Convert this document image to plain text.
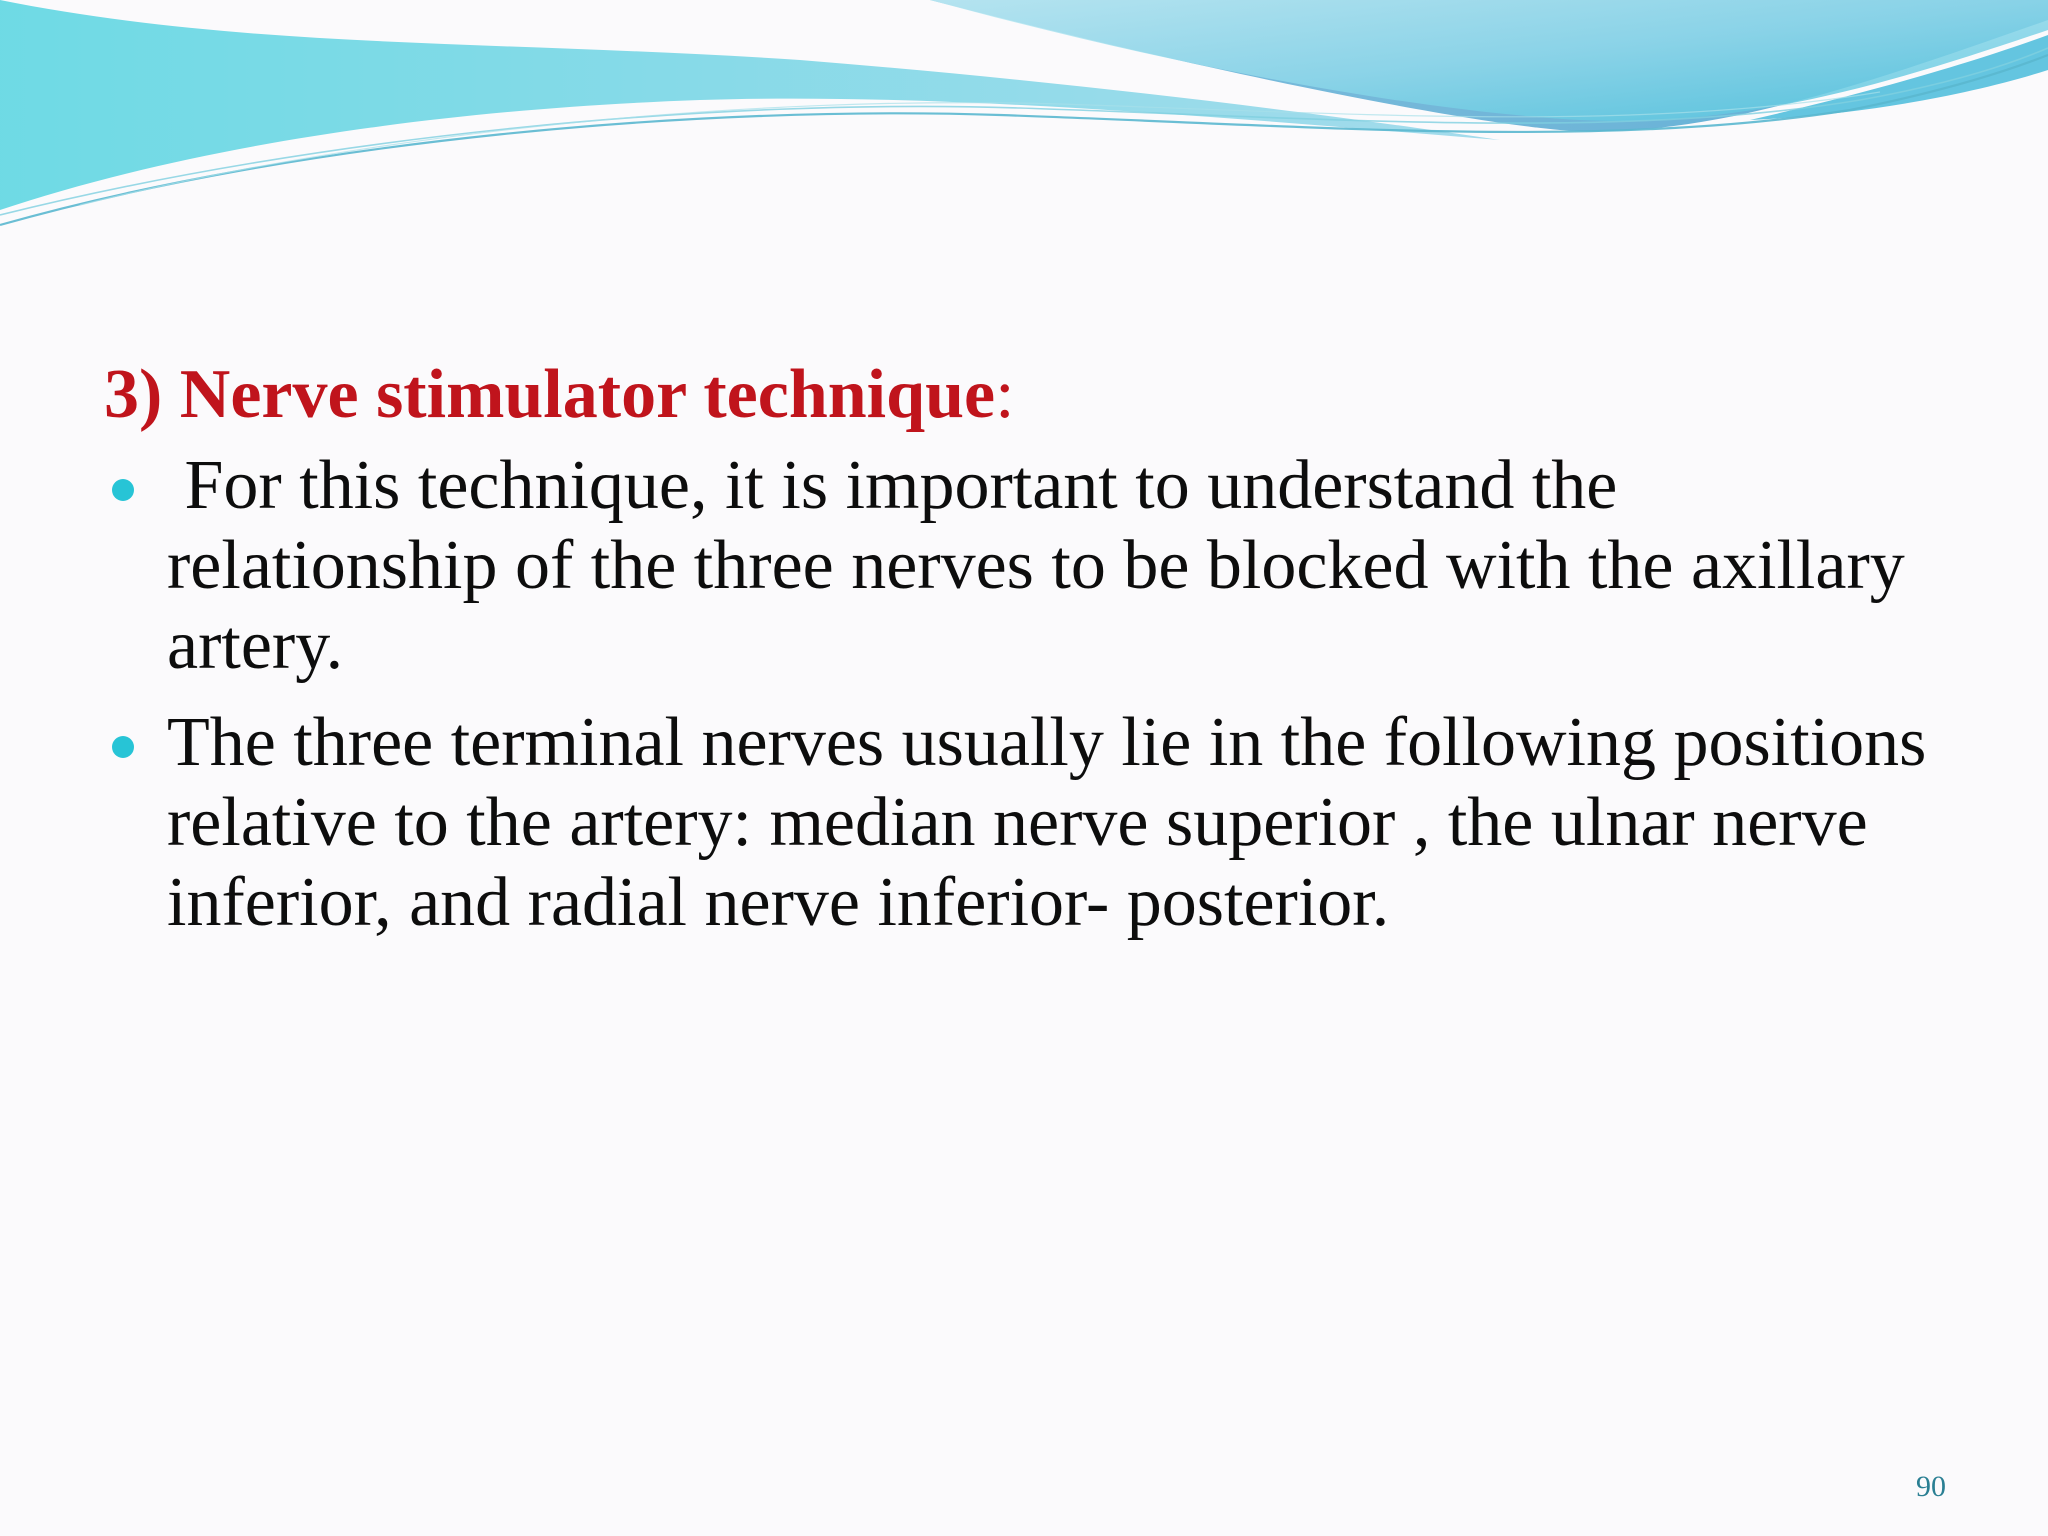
3) Nerve stimulator technique:
For this technique, it is important to understand the relationship of the three nerves to be blocked with the axillary artery.
The three terminal nerves usually lie in the following positions relative to the artery: median nerve superior , the ulnar nerve inferior, and radial nerve inferior- posterior.
90
